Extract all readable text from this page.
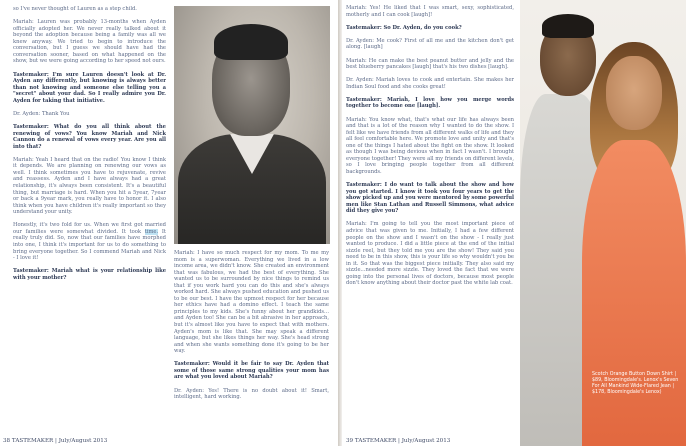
so I've never thought of Lauren as a step child.

Mariah: Lauren was probably 13-months when Ayden officially adopted her. We never really talked about it beyond the adoption because being a family was all we knew anyway. We tried to begin to introduce the conversation, but I guess we should have had the conversation sooner, based on what happened on the show, but we were going according to her speed not ours.

Tastemaker: I'm sure Lauren doesn't look at Dr. Ayden any differently, but knowing is always better than not knowing and someone else telling you a "secret" about your dad. So I really admire you Dr. Ayden for taking that initiative.

Dr. Ayden: Thank You

Tastemaker: What do you all think about the renewing of vows? You know Mariah and Nick Cannon do a renewal of vows every year. Are you all into that?

Mariah: Yeah I heard that on the radio! You know I think it depends. We are planning on renewing our vows as well. I think sometimes you have to rejuvenate, revive and reassess. Ayden and I have always had a great relationship, it's always been consistent. It's a beautiful thing, but marriage is hard. When you hit a 5year, 7year or back a 9year mark, you really have to honor it. I also think when you have children it's really important so they understand your unity.

Honestly, it's two fold for us. When we first got married our families were somewhat divided. It took time. It really truly did. So, now that our families have morphed into one, I think it's important for us to do something to bring everyone together. So I commend Mariah and Nick - I love it!

Tastemaker: Mariah what is your relationship like with your mother?

Mariah: I have so much respect for my mom. To me my mom is a superwoman. Everything we lived in a low income area, we didn't know. She created an environment that was fabulous, we had the best of everything. She wanted us to be surrounded by nice things to remind us that if you work hard you can do this and she's always worked hard. She always pushed education and pushed us to be our best. I have the upmost respect for her because her ethics have had a domino effect. I teach the same principles to my kids. She's funny about her grandkids... and Ayden too! She can be a bit abrasive in her approach, but it's almost like you have to expect that with mothers. Ayden's mom is like that. She may speak a different language, but she likes things her way. She's head strong and when she wants something done it's going to be her way.

Tastemaker: Would it be fair to say Dr. Ayden that some of those same strong qualities your mom has are what you loved about Mariah?

Dr. Ayden: Yes! There is no doubt about it! Smart, intelligent, hard working.

38 TASTEMAKER | July/August 2013

Mariah: Yes! He liked that I was smart, sexy, sophisticated, motherly and I can cook [laugh]!

Tastemaker: So Dr. Ayden, do you cook?

Dr. Ayden: Me cook? First of all me and the kitchen don't get along. [laugh]

Mariah: He can make the best peanut butter and jelly and the best blueberry pancakes [laugh] that's his two dishes [laugh].

Dr. Ayden: Mariah loves to cook and entertain. She makes her Indian Soul food and she cooks great!

Tastemaker: Mariah, I love how you merge words together to become one [laugh].

Mariah: You know what, that's what our life has always been and that is a lot of the reason why I wanted to do the show. I felt like we have friends from all different walks of life and they all feel comfortable here. We promote love and unity and that's one of the things I hated about the fight on the show. It looked as though I was being devious when in fact I wasn't. I brought everyone together! They were all my friends on different levels, so I love bringing people together from all different backgrounds.

Tastemaker: I do want to talk about the show and how you got started. I know it took you four years to get the show picked up and you were mentored by some powerful men like Stan Lathan and Russell Simmons, what advice did they give you?

Mariah: I'm going to tell you the most important piece of advice that was given to me. Initially, I had a few different people on the show and I wasn't on the show - I really just wanted to produce. I did a little piece at the end of the initial sizzle reel, but they told me you are the show! They said you need to be in this show, this is your life so why wouldn't you be in it. So that was the biggest piece initially. They also said my sizzle...needed more sizzle. They loved the fact that we were going into the personal lives of doctors, because most people don't know anything about their doctor past the white lab coat.

Scotch Orange Button Down Shirt | $89, Bloomingdale's. Lenox's Seven For All Mankind Wide-Flared Jean | $178, Bloomingdale's Lenox)
39 TASTEMAKER | July/August 2013
